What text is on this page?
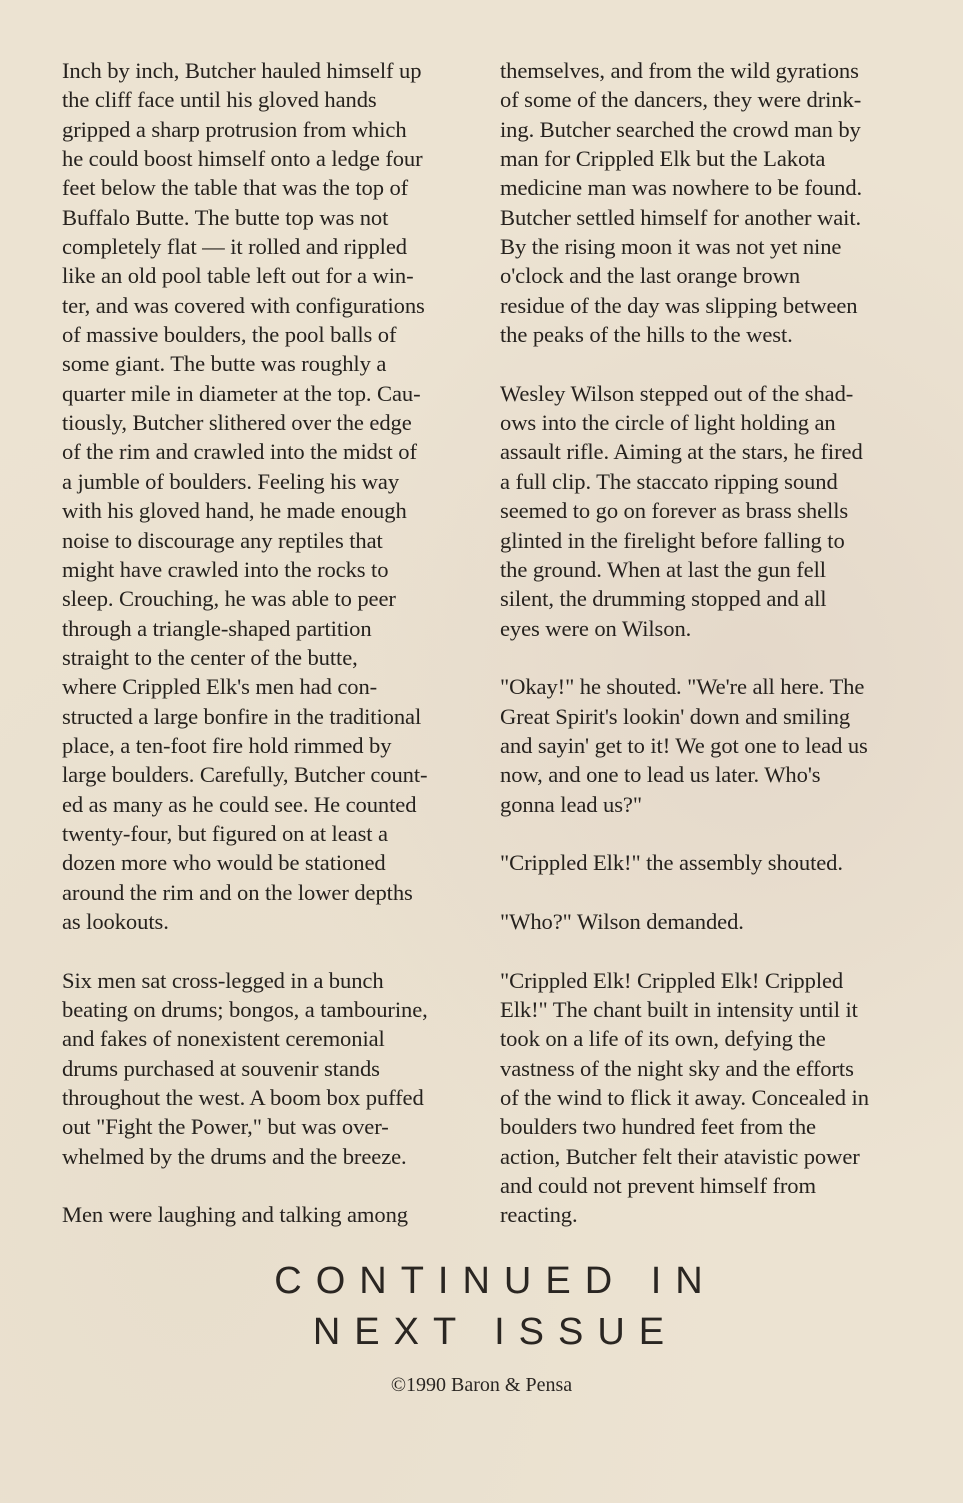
Inch by inch, Butcher hauled himself up
the cliff face until his gloved hands
gripped a sharp protrusion from which
he could boost himself onto a ledge four
feet below the table that was the top of
Buffalo Butte. The butte top was not
completely flat — it rolled and rippled
like an old pool table left out for a win-
ter, and was covered with configurations
of massive boulders, the pool balls of
some giant. The butte was roughly a
quarter mile in diameter at the top. Cau-
tiously, Butcher slithered over the edge
of the rim and crawled into the midst of
a jumble of boulders. Feeling his way
with his gloved hand, he made enough
noise to discourage any reptiles that
might have crawled into the rocks to
sleep. Crouching, he was able to peer
through a triangle-shaped partition
straight to the center of the butte,
where Crippled Elk's men had con-
structed a large bonfire in the traditional
place, a ten-foot fire hold rimmed by
large boulders. Carefully, Butcher count-
ed as many as he could see. He counted
twenty-four, but figured on at least a
dozen more who would be stationed
around the rim and on the lower depths
as lookouts.
Six men sat cross-legged in a bunch
beating on drums; bongos, a tambourine,
and fakes of nonexistent ceremonial
drums purchased at souvenir stands
throughout the west. A boom box puffed
out "Fight the Power," but was over-
whelmed by the drums and the breeze.
Men were laughing and talking among
themselves, and from the wild gyrations
of some of the dancers, they were drink-
ing. Butcher searched the crowd man by
man for Crippled Elk but the Lakota
medicine man was nowhere to be found.
Butcher settled himself for another wait.
By the rising moon it was not yet nine
o'clock and the last orange brown
residue of the day was slipping between
the peaks of the hills to the west.
Wesley Wilson stepped out of the shad-
ows into the circle of light holding an
assault rifle. Aiming at the stars, he fired
a full clip. The staccato ripping sound
seemed to go on forever as brass shells
glinted in the firelight before falling to
the ground. When at last the gun fell
silent, the drumming stopped and all
eyes were on Wilson.
"Okay!" he shouted. "We're all here. The
Great Spirit's lookin' down and smiling
and sayin' get to it! We got one to lead us
now, and one to lead us later. Who's
gonna lead us?"
"Crippled Elk!" the assembly shouted.
"Who?" Wilson demanded.
"Crippled Elk! Crippled Elk! Crippled
Elk!" The chant built in intensity until it
took on a life of its own, defying the
vastness of the night sky and the efforts
of the wind to flick it away. Concealed in
boulders two hundred feet from the
action, Butcher felt their atavistic power
and could not prevent himself from
reacting.
CONTINUED IN
NEXT ISSUE
©1990 Baron & Pensa
